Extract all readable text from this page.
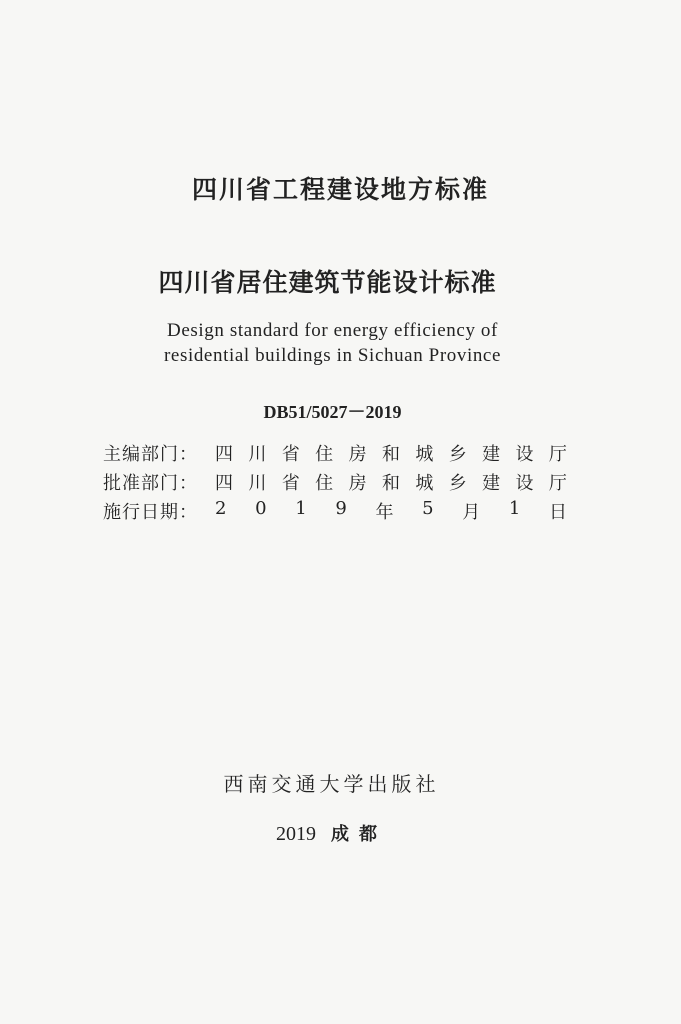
四川省工程建设地方标准
四川省居住建筑节能设计标准
Design standard for energy efficiency of
residential buildings in Sichuan Province
DB51/5027－2019
主编部门： 四 川 省 住 房 和 城 乡 建 设 厅
批准部门： 四 川 省 住 房 和 城 乡 建 设 厅
施行日期： 2 0 1 9 年 5 月 1 日
西南交通大学出版社
2019 成都
